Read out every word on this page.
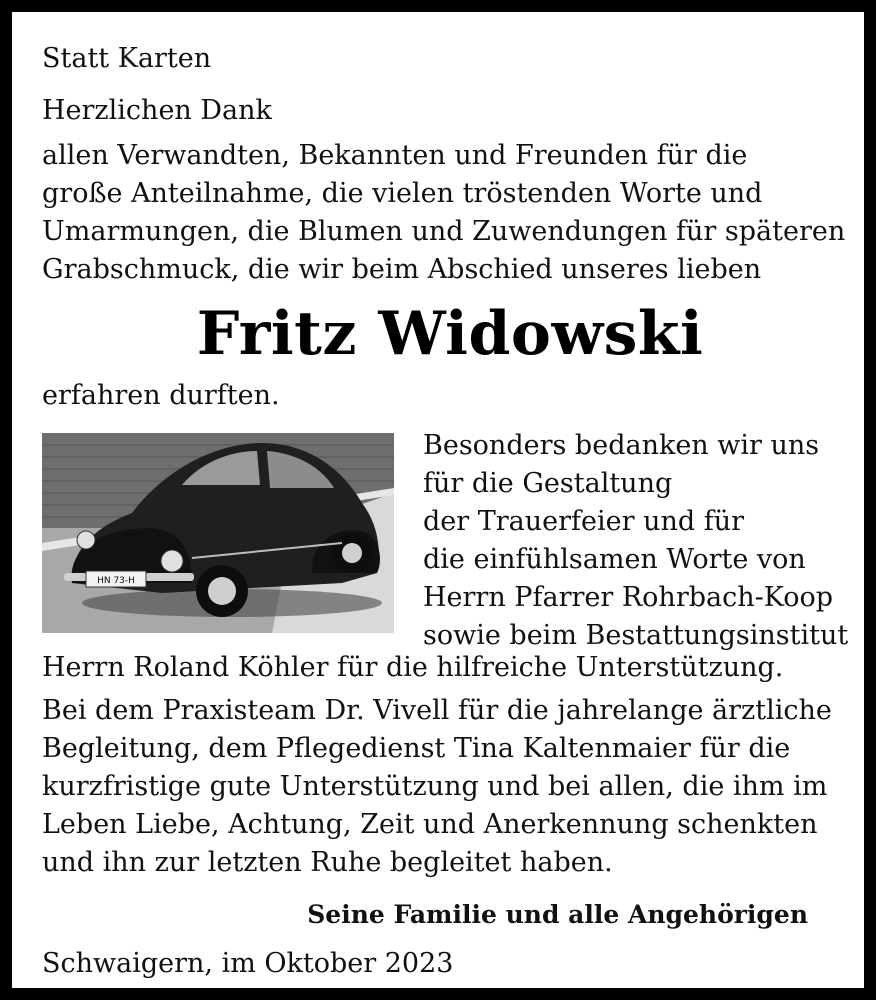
Statt Karten
Herzlichen Dank
allen Verwandten, Bekannten und Freunden für die
große Anteilnahme, die vielen tröstenden Worte und
Umarmungen, die Blumen und Zuwendungen für späteren
Grabschmuck, die wir beim Abschied unseres lieben
Fritz Widowski
erfahren durften.
HN 73-H
Besonders bedanken wir uns
für die Gestaltung
der Trauerfeier und für
die einfühlsamen Worte von
Herrn Pfarrer Rohrbach-Koop
sowie beim Bestattungsinstitut
Herrn Roland Köhler für die hilfreiche Unterstützung.
Bei dem Praxisteam Dr. Vivell für die jahrelange ärztliche
Begleitung, dem Pflegedienst Tina Kaltenmaier für die
kurzfristige gute Unterstützung und bei allen, die ihm im
Leben Liebe, Achtung, Zeit und Anerkennung schenkten
und ihn zur letzten Ruhe begleitet haben.
Seine Familie und alle Angehörigen
Schwaigern, im Oktober 2023
